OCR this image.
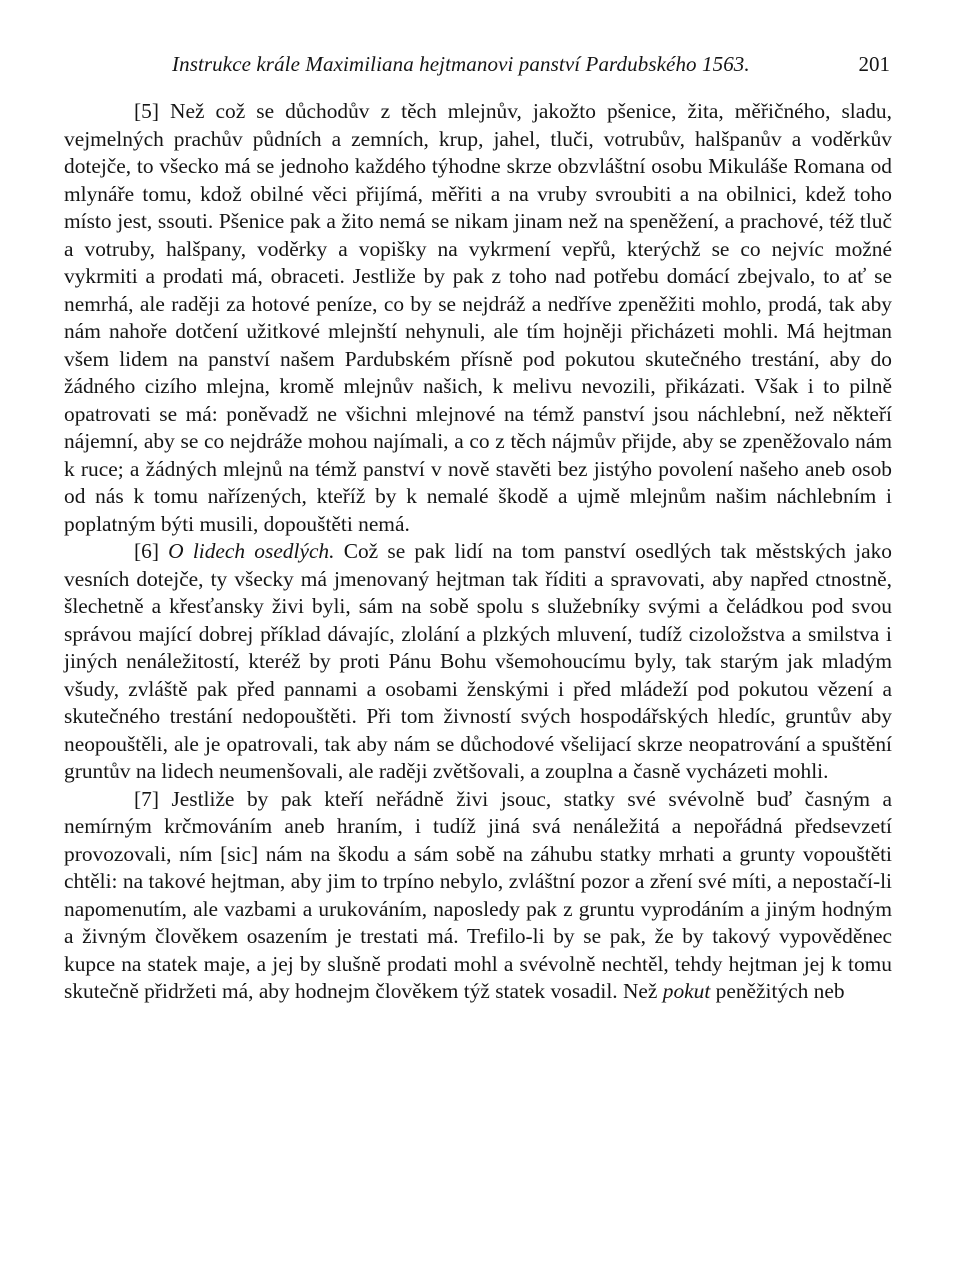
Instrukce krále Maximiliana hejtmanovi panství Pardubského 1563.	201

[5] Než což se důchodův z těch mlejnův, jakožto pšenice, žita, měřičného, sladu, vejmelných prachův půdních a zemních, krup, jahel, tluči, votrubův, halšpanův a voděrkův dotejče, to všecko má se jednoho každého týhodne skrze obzvláštní osobu Mikuláše Romana od mlynáře tomu, kdož obilné věci přijímá, měřiti a na vruby svroubiti a na obilnici, kdež toho místo jest, ssouti. Pšenice pak a žito nemá se nikam jinam než na speněžení, a prachové, též tluč a votruby, halšpany, voděrky a vopišky na vykrmení vepřů, kterýchž se co nejvíc možné vykrmiti a prodati má, obraceti. Jestliže by pak z toho nad potřebu domácí zbejvalo, to ať se nemrhá, ale raději za hotové peníze, co by se nejdráž a nedříve zpeněžiti mohlo, prodá, tak aby nám nahoře dotčení užitkové mlejnští nehynuli, ale tím hojněji přicházeti mohli. Má hejtman všem lidem na panství našem Pardubském přísně pod pokutou skutečného trestání, aby do žádného cizího mlejna, kromě mlejnův našich, k melivu nevozili, přikázati. Však i to pilně opatrovati se má: poněvadž ne všichni mlejnové na témž panství jsou náchlební, než někteří nájemní, aby se co nejdráže mohou najímali, a co z těch nájmův přijde, aby se zpeněžovalo nám k ruce; a žádných mlejnů na témž panství v nově stavěti bez jistýho povolení našeho aneb osob od nás k tomu nařízených, kteříž by k nemalé škodě a ujmě mlejnům našim náchlebním i poplatným býti musili, dopouštěti nemá.

[6] O lidech osedlých. Což se pak lidí na tom panství osedlých tak městských jako vesních dotejče, ty všecky má jmenovaný hejtman tak říditi a spravovati, aby napřed ctnostně, šlechetně a křesťansky živi byli, sám na sobě spolu s služebníky svými a čeládkou pod svou správou mající dobrej příklad dávajíc, zlolání a plzkých mluvení, tudíž cizoložstva a smilstva i jiných nenáležitostí, kteréž by proti Pánu Bohu všemohoucímu byly, tak starým jak mladým všudy, zvláště pak před pannami a osobami ženskými i před mládeží pod pokutou vězení a skutečného trestání nedopouštěti. Při tom živností svých hospodářských hledíc, gruntův aby neopouštěli, ale je opatrovali, tak aby nám se důchodové všelijací skrze neopatrování a spuštění gruntův na lidech neumenšovali, ale raději zvětšovali, a zouplna a časně vycházeti mohli.

[7] Jestliže by pak kteří neřádně živi jsouc, statky své svévolně buď časným a nemírným krčmováním aneb hraním, i tudíž jiná svá nenáležitá a nepořádná předsevzetí provozovali, ním [sic] nám na škodu a sám sobě na záhubu statky mrhati a grunty vopouštěti chtěli: na takové hejtman, aby jim to trpíno nebylo, zvláštní pozor a zření své míti, a nepostačí-li napomenutím, ale vazbami a urukováním, naposledy pak z gruntu vyprodáním a jiným hodným a živným člověkem osazením je trestati má. Trefilo-li by se pak, že by takový vypověděnec kupce na statek maje, a jej by slušně prodati mohl a svévolně nechtěl, tehdy hejtman jej k tomu skutečně přidržeti má, aby hodnejm člověkem týž statek vosadil. Než pokut peněžitých neb
